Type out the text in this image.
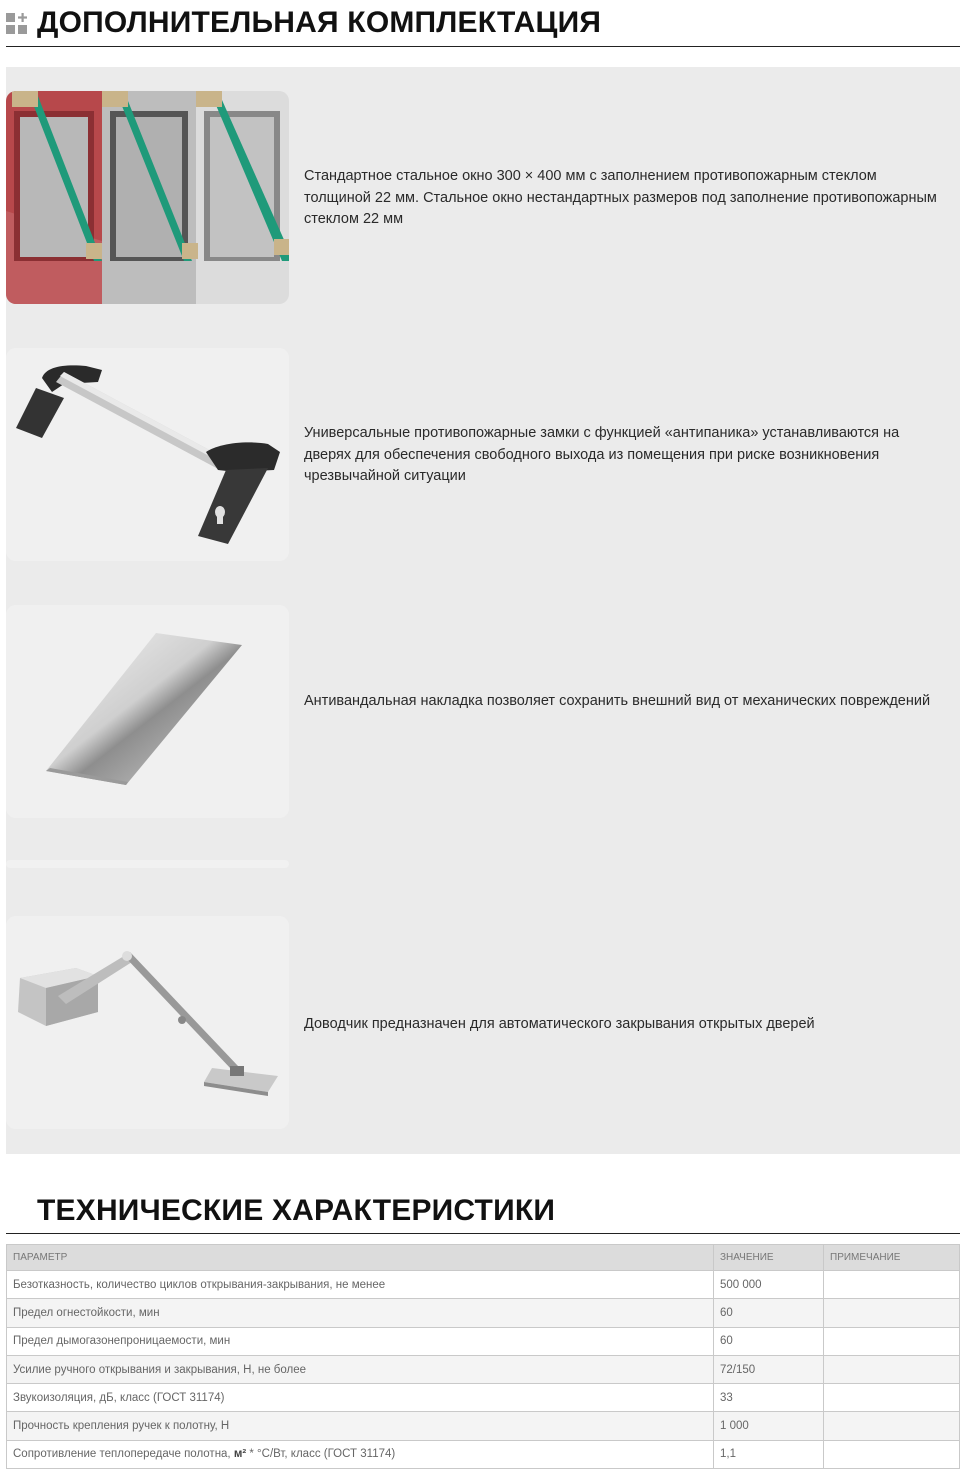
ДОПОЛНИТЕЛЬНАЯ КОМПЛЕКТАЦИЯ
Стандартное стальное окно 300 × 400 мм с заполнением противопожарным стеклом толщиной 22 мм. Стальное окно нестандартных размеров под заполнение противопожарным стеклом 22 мм
Универсальные противопожарные замки с функцией «антипаника» устанавливаются на дверях для обеспечения свободного выхода из помещения при риске возникновения чрезвычайной ситуации
Антивандальная накладка позволяет сохранить внешний вид от механических повреждений
Доводчик предназначен для автоматического закрывания открытых дверей
ТЕХНИЧЕСКИЕ ХАРАКТЕРИСТИКИ
ПАРАМЕТР	ЗНАЧЕНИЕ	ПРИМЕЧАНИЕ
Безотказность, количество циклов открывания-закрывания, не менее	500 000	
Предел огнестойкости, мин	60	
Предел дымогазонепроницаемости, мин	60	
Усилие ручного открывания и закрывания, Н, не более	72/150	
Звукоизоляция, дБ, класс (ГОСТ 31174)	33	
Прочность крепления ручек к полотну, Н	1 000	
Сопротивление теплопередаче полотна, м² * °С/Вт, класс (ГОСТ 31174)	1,1	
